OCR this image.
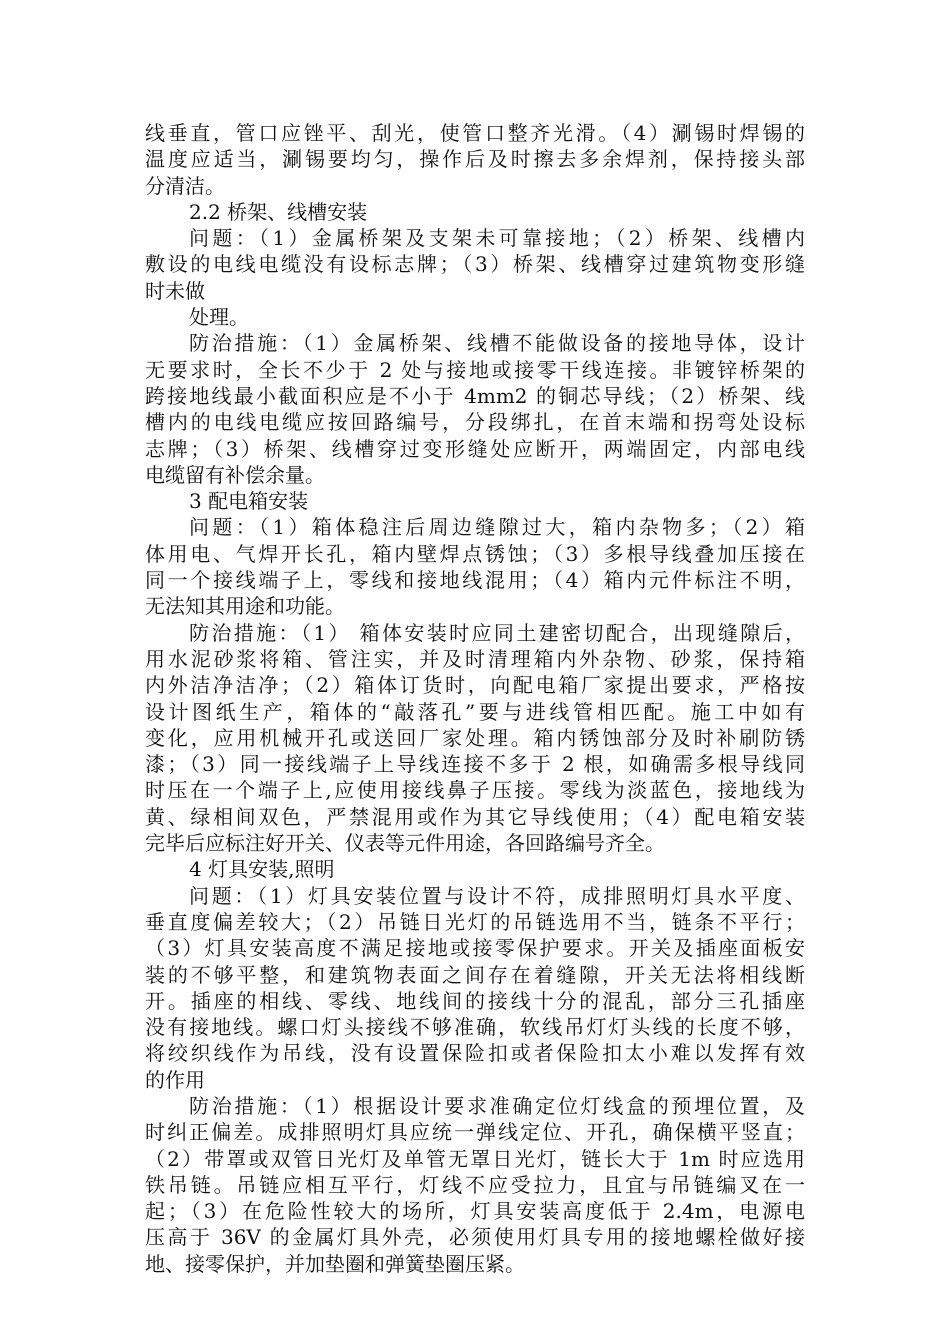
线垂直，管口应锉平、刮光，使管口整齐光滑。（4）涮锡时焊锡的
温度应适当，涮锡要均匀，操作后及时擦去多余焊剂，保持接头部
分清洁。
2.2 桥架、线槽安装
问题：（1）金属桥架及支架未可靠接地；（2）桥架、线槽内
敷设的电线电缆没有设标志牌；（3）桥架、线槽穿过建筑物变形缝
时未做
处理。
防治措施：（1）金属桥架、线槽不能做设备的接地导体，设计
无要求时，全长不少于 2 处与接地或接零干线连接。非镀锌桥架的
跨接地线最小截面积应是不小于 4mm2 的铜芯导线；（2）桥架、线
槽内的电线电缆应按回路编号，分段绑扎，在首末端和拐弯处设标
志牌；（3）桥架、线槽穿过变形缝处应断开，两端固定，内部电线
电缆留有补偿余量。
3 配电箱安装
问题：（1）箱体稳注后周边缝隙过大，箱内杂物多；（2）箱
体用电、气焊开长孔，箱内壁焊点锈蚀；（3）多根导线叠加压接在
同一个接线端子上，零线和接地线混用；（4）箱内元件标注不明，
无法知其用途和功能。
防治措施：（1） 箱体安装时应同土建密切配合，出现缝隙后，
用水泥砂浆将箱、管注实，并及时清理箱内外杂物、砂浆，保持箱
内外洁净洁净；（2）箱体订货时，向配电箱厂家提出要求，严格按
设计图纸生产，箱体的“敲落孔”要与进线管相匹配。施工中如有
变化，应用机械开孔或送回厂家处理。箱内锈蚀部分及时补刷防锈
漆；（3）同一接线端子上导线连接不多于 2 根，如确需多根导线同
时压在一个端子上,应使用接线鼻子压接。零线为淡蓝色，接地线为
黄、绿相间双色，严禁混用或作为其它导线使用；（4）配电箱安装
完毕后应标注好开关、仪表等元件用途，各回路编号齐全。
4 灯具安装,照明
问题：（1）灯具安装位置与设计不符，成排照明灯具水平度、
垂直度偏差较大；（2）吊链日光灯的吊链选用不当，链条不平行；
（3）灯具安装高度不满足接地或接零保护要求。开关及插座面板安
装的不够平整，和建筑物表面之间存在着缝隙，开关无法将相线断
开。插座的相线、零线、地线间的接线十分的混乱，部分三孔插座
没有接地线。螺口灯头接线不够准确，软线吊灯灯头线的长度不够，
将绞织线作为吊线，没有设置保险扣或者保险扣太小难以发挥有效
的作用
防治措施：（1）根据设计要求准确定位灯线盒的预埋位置，及
时纠正偏差。成排照明灯具应统一弹线定位、开孔，确保横平竖直；
（2）带罩或双管日光灯及单管无罩日光灯，链长大于 1m 时应选用
铁吊链。吊链应相互平行，灯线不应受拉力，且宜与吊链编叉在一
起；（3）在危险性较大的场所，灯具安装高度低于 2.4m，电源电
压高于 36V 的金属灯具外壳，必须使用灯具专用的接地螺栓做好接
地、接零保护，并加垫圈和弹簧垫圈压紧。
